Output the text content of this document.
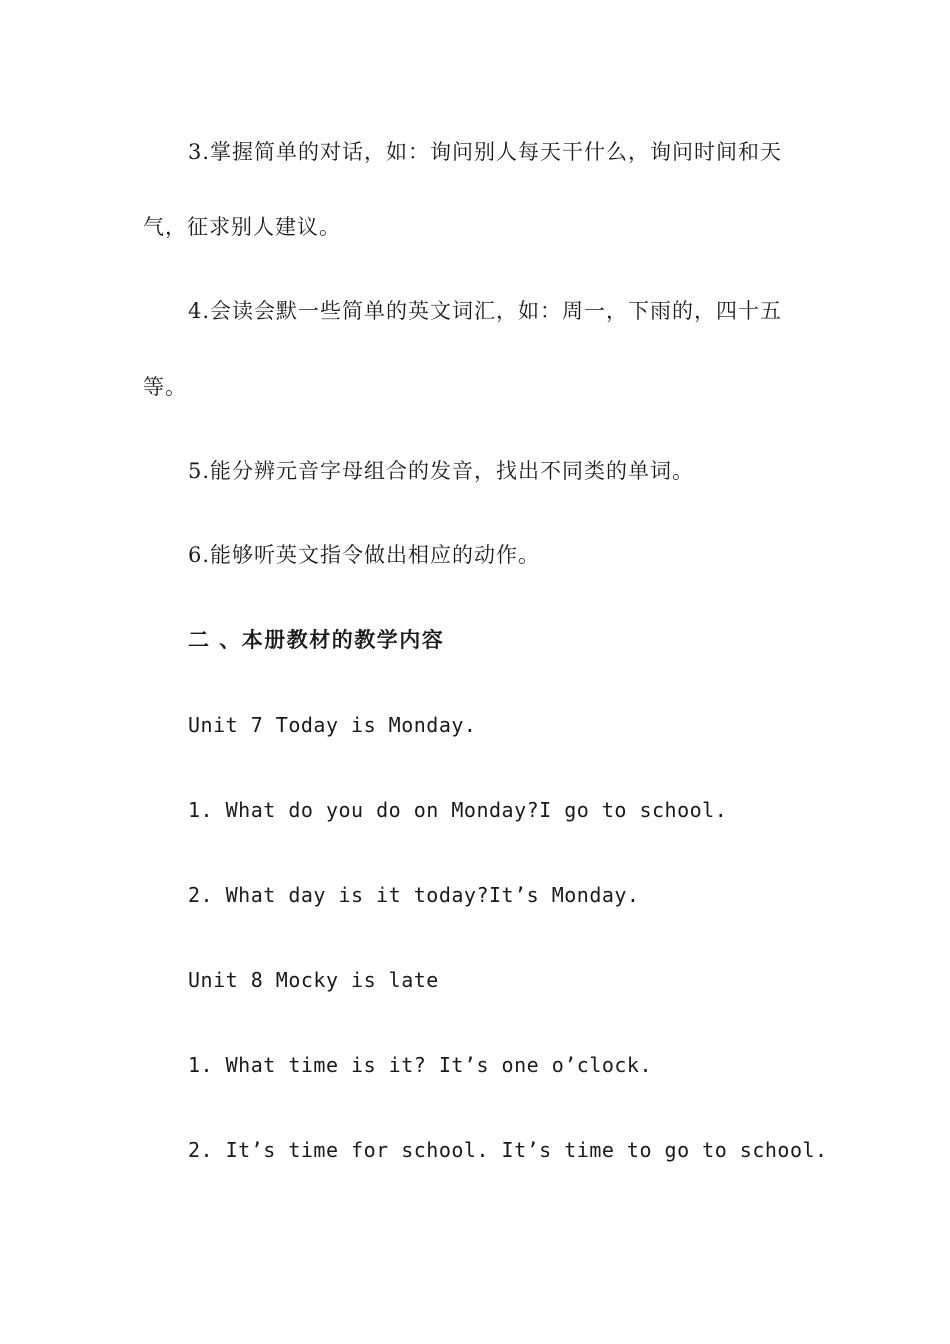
3.掌握简单的对话，如：询问别人每天干什么，询问时间和天
气，征求别人建议。
4.会读会默一些简单的英文词汇，如：周一，下雨的，四十五
等。
5.能分辨元音字母组合的发音，找出不同类的单词。
6.能够听英文指令做出相应的动作。
二 、本册教材的教学内容
Unit 7 Today is Monday.
1. What do you do on Monday?I go to school.
2. What day is it today?It’s Monday.
Unit 8 Mocky is late
1. What time is it? It’s one o’clock.
2. It’s time for school. It’s time to go to school.
